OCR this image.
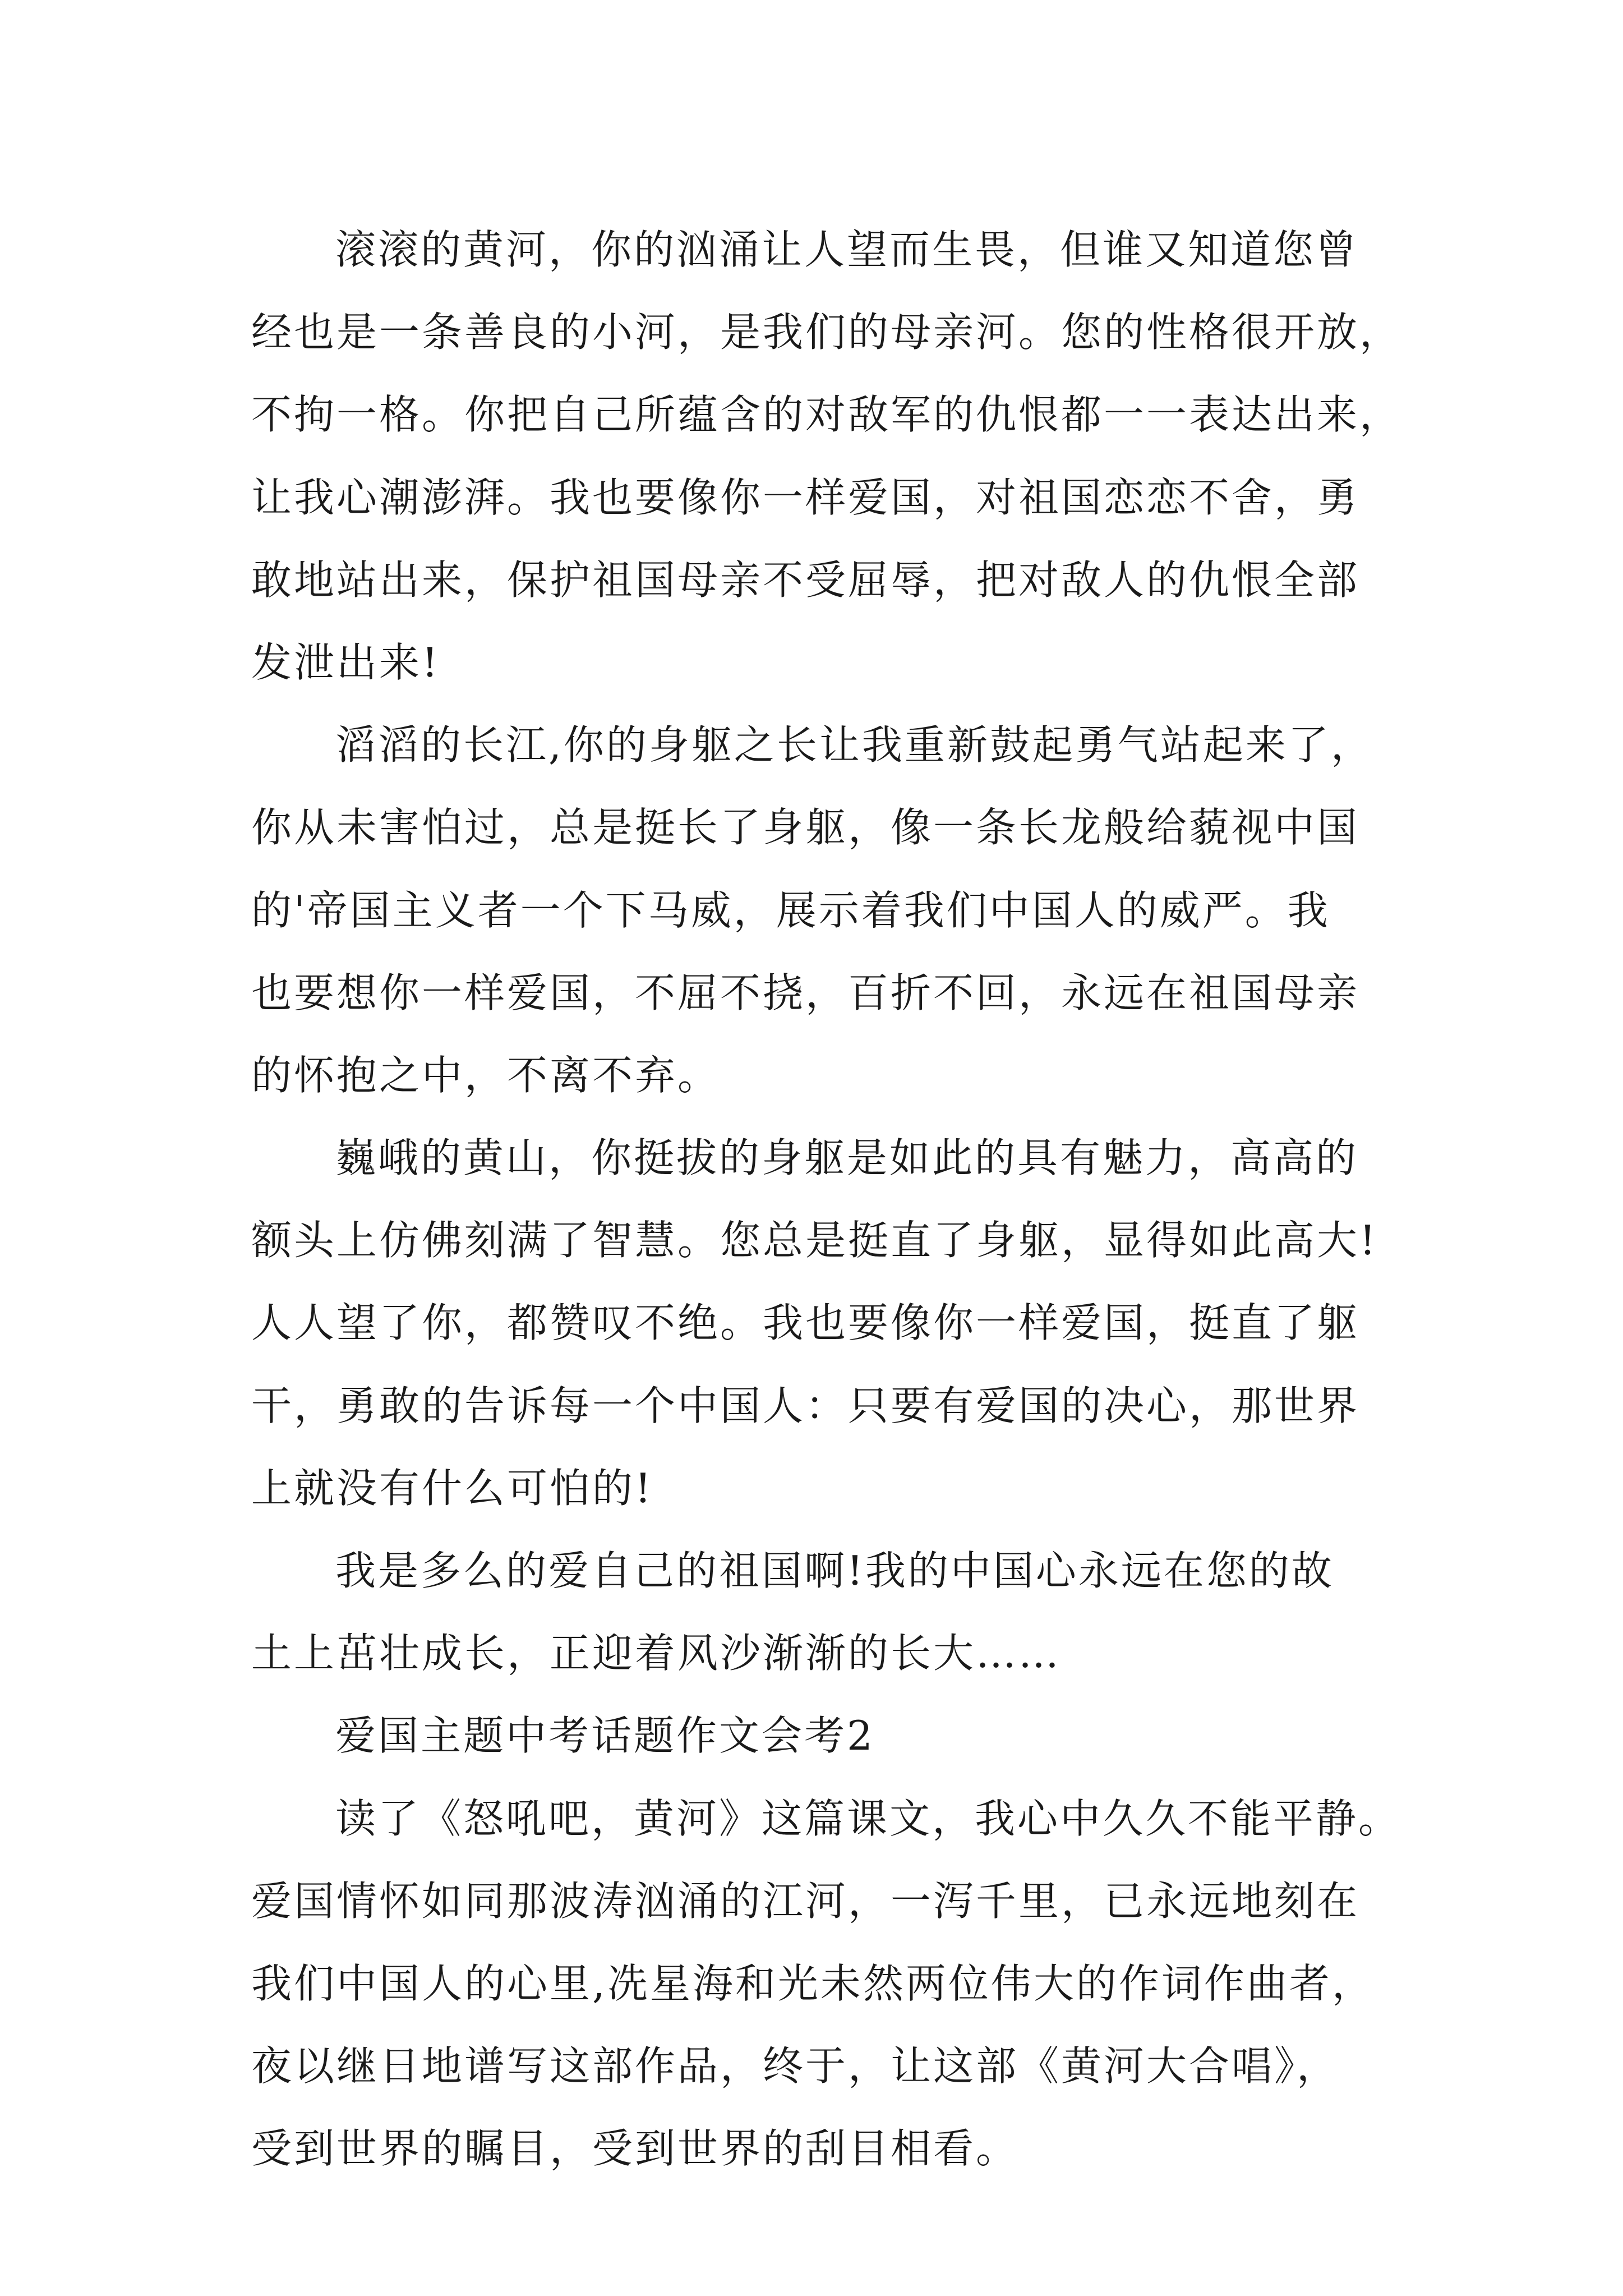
滚滚的黄河，你的汹涌让人望而生畏，但谁又知道您曾
经也是一条善良的小河，是我们的母亲河。您的性格很开放，
不拘一格。你把自己所蕴含的对敌军的仇恨都一一表达出来，
让我心潮澎湃。我也要像你一样爱国，对祖国恋恋不舍，勇
敢地站出来，保护祖国母亲不受屈辱，把对敌人的仇恨全部
发泄出来!
滔滔的长江,你的身躯之长让我重新鼓起勇气站起来了，
你从未害怕过，总是挺长了身躯，像一条长龙般给藐视中国
的'帝国主义者一个下马威，展示着我们中国人的威严。我
也要想你一样爱国，不屈不挠，百折不回，永远在祖国母亲
的怀抱之中，不离不弃。
巍峨的黄山，你挺拔的身躯是如此的具有魅力，高高的
额头上仿佛刻满了智慧。您总是挺直了身躯，显得如此高大!
人人望了你，都赞叹不绝。我也要像你一样爱国，挺直了躯
干，勇敢的告诉每一个中国人：只要有爱国的决心，那世界
上就没有什么可怕的!
我是多么的爱自己的祖国啊!我的中国心永远在您的故
土上茁壮成长，正迎着风沙渐渐的长大……
爱国主题中考话题作文会考2
读了《怒吼吧，黄河》这篇课文，我心中久久不能平静。
爱国情怀如同那波涛汹涌的江河，一泻千里，已永远地刻在
我们中国人的心里,冼星海和光未然两位伟大的作词作曲者，
夜以继日地谱写这部作品，终于，让这部《黄河大合唱》，
受到世界的瞩目，受到世界的刮目相看。
